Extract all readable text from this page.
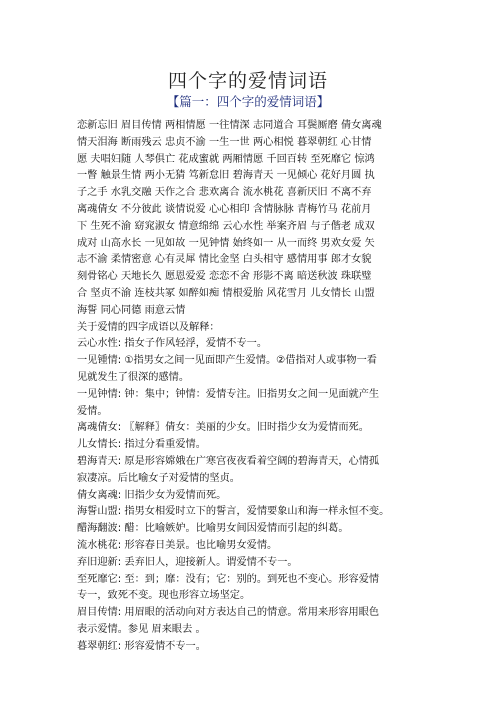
四个字的爱情词语
【篇一：四个字的爱情词语】

恋新忘旧 眉目传情 两相情愿 一往情深 志同道合 耳鬓厮磨 倩女离魂

情天泪海 断雨残云 忠贞不渝 一生一世 两心相悦 暮翠朝红 心甘情

愿 夫唱妇随 人琴俱亡 花成蜜就 两厢情愿 千回百转 至死靡它 惊鸿

一瞥 触景生情 两小无猜 笃新怠旧 碧海青天 一见倾心 花好月圆 执

子之手 水乳交融 天作之合 悲欢离合 流水桃花 喜新厌旧 不离不弃

离魂倩女 不分彼此 谈情说爱 心心相印 含情脉脉 青梅竹马 花前月

下 生死不渝 窈窕淑女 情意绵绵 云心水性 举案齐眉 与子偕老 成双

成对 山高水长 一见如故 一见钟情 始终如一 从一而终 男欢女爱 矢

志不渝 柔情密意 心有灵犀 情比金坚 白头相守 感情用事 郎才女貌

刻骨铭心 天地长久 愿恩爱爱 恋恋不舍 形影不离 暗送秋波 珠联璧

合 坚贞不渝 连枝共冢 如醉如痴 情根爱胎 风花雪月 儿女情长 山盟

海誓 同心同德 雨意云情

关于爱情的四字成语以及解释：

云心水性: 指女子作风轻浮，爱情不专一。

一见锺情: ①指男女之间一见面即产生爱情。②借指对人或事物一看

见就发生了很深的感情。

一见钟情: 钟：集中；钟情：爱情专注。旧指男女之间一见面就产生

爱情。

离魂倩女: 〖解释〗倩女：美丽的少女。旧时指少女为爱情而死。

儿女情长: 指过分看重爱情。

碧海青天: 原是形容嫦娥在广寒宫夜夜看着空阔的碧海青天，心情孤

寂凄凉。后比喻女子对爱情的坚贞。

倩女离魂: 旧指少女为爱情而死。

海誓山盟: 指男女相爱时立下的誓言，爱情要象山和海一样永恒不变。

醋海翻波: 醋：比喻嫉妒。比喻男女间因爱情而引起的纠葛。

流水桃花: 形容春日美景。也比喻男女爱情。

弃旧迎新: 丢弃旧人，迎接新人。谓爱情不专一。

至死靡它: 至：到；靡：没有；它：别的。到死也不变心。形容爱情

专一，致死不变。现也形容立场坚定。

眉目传情: 用眉眼的活动向对方表达自己的情意。常用来形容用眼色

表示爱情。参见 眉来眼去 。

暮翠朝红: 形容爱情不专一。
